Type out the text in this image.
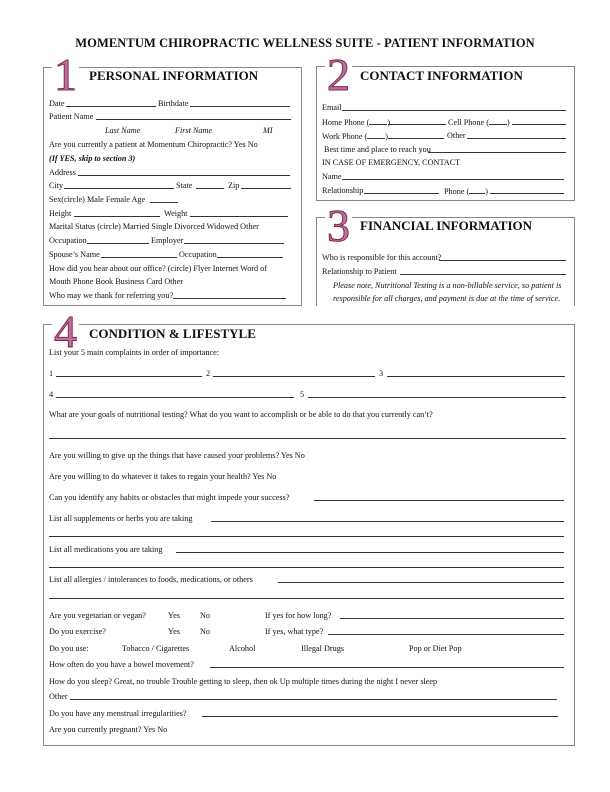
MOMENTUM CHIROPRACTIC WELLNESS SUITE - PATIENT INFORMATION
1 PERSONAL INFORMATION
Date	Birthdate
Patient Name
Last Name	First Name	MI
Are you currently a patient at Momentum Chiropractic? Yes No
(If YES, skip to section 3)
Address
City	State	Zip
Sex(circle) Male Female Age
Height	Weight
Marital Status (circle) Married Single Divorced Widowed Other
Occupation	Employer
Spouse’s Name	Occupation
How did you hear about our office? (circle) Flyer Internet Word of
Mouth Phone Book Business Card Other
Who may we thank for referring you?
2 CONTACT INFORMATION
Email
Home Phone ( )	Cell Phone ( )
Work Phone ( )	Other
Best time and place to reach you
IN CASE OF EMERGENCY, CONTACT
Name
Relationship	Phone ( )
3 FINANCIAL INFORMATION
Who is responsible for this account?
Relationship to Patient
Please note, Nutritional Testing is a non-billable service, so patient is
responsible for all charges, and payment is due at the time of service.
4 CONDITION & LIFESTYLE
List your 5 main complaints in order of importance:
1	2	3
4	5
What are your goals of nutritional testing? What do you want to accomplish or be able to do that you currently can’t?
Are you willing to give up the things that have caused your problems? Yes No
Are you willing to do whatever it takes to regain your health? Yes No
Can you identify any habits or obstacles that might impede your success?
List all supplements or herbs you are taking
List all medications you are taking
List all allergies / intolerances to foods, medications, or others
Are you vegetarian or vegan?	Yes No	If yes for how long?
Do you exercise?	Yes No	If yes, what type?
Do you use:	Tobacco / Cigarettes	Alcohol	Illegal Drugs	Pop or Diet Pop
How often do you have a bowel movement?
How do you sleep? Great, no trouble Trouble getting to sleep, then ok Up multiple times during the night I never sleep
Other
Do you have any menstrual irregularities?
Are you currently pregnant? Yes No
